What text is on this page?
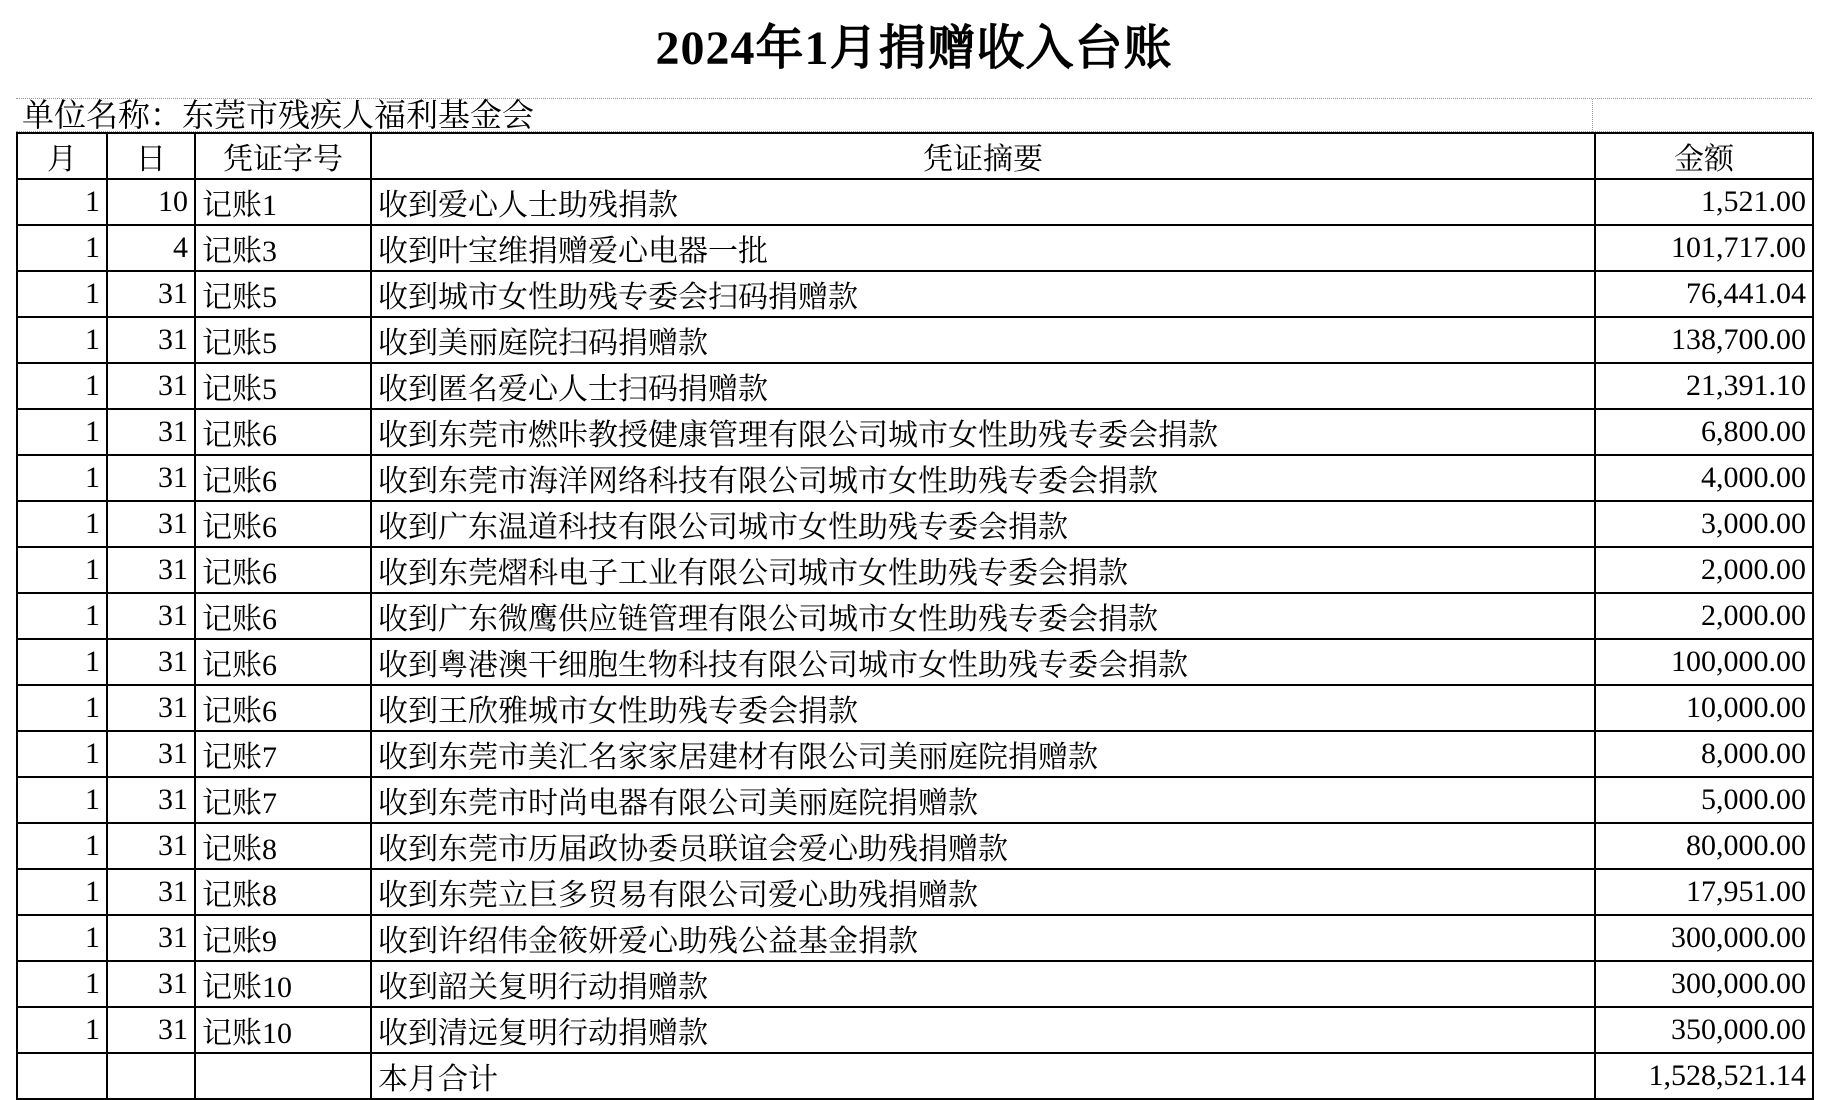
2024年1月捐赠收入台账
单位名称：东莞市残疾人福利基金会
月	日	凭证字号	凭证摘要	金额
1	10	记账1	收到爱心人士助残捐款	1,521.00
1	4	记账3	收到叶宝维捐赠爱心电器一批	101,717.00
1	31	记账5	收到城市女性助残专委会扫码捐赠款	76,441.04
1	31	记账5	收到美丽庭院扫码捐赠款	138,700.00
1	31	记账5	收到匿名爱心人士扫码捐赠款	21,391.10
1	31	记账6	收到东莞市燃咔教授健康管理有限公司城市女性助残专委会捐款	6,800.00
1	31	记账6	收到东莞市海洋网络科技有限公司城市女性助残专委会捐款	4,000.00
1	31	记账6	收到广东温道科技有限公司城市女性助残专委会捐款	3,000.00
1	31	记账6	收到东莞熠科电子工业有限公司城市女性助残专委会捐款	2,000.00
1	31	记账6	收到广东微鹰供应链管理有限公司城市女性助残专委会捐款	2,000.00
1	31	记账6	收到粤港澳干细胞生物科技有限公司城市女性助残专委会捐款	100,000.00
1	31	记账6	收到王欣雅城市女性助残专委会捐款	10,000.00
1	31	记账7	收到东莞市美汇名家家居建材有限公司美丽庭院捐赠款	8,000.00
1	31	记账7	收到东莞市时尚电器有限公司美丽庭院捐赠款	5,000.00
1	31	记账8	收到东莞市历届政协委员联谊会爱心助残捐赠款	80,000.00
1	31	记账8	收到东莞立巨多贸易有限公司爱心助残捐赠款	17,951.00
1	31	记账9	收到许绍伟金筱妍爱心助残公益基金捐款	300,000.00
1	31	记账10	收到韶关复明行动捐赠款	300,000.00
1	31	记账10	收到清远复明行动捐赠款	350,000.00
			本月合计	1,528,521.14
